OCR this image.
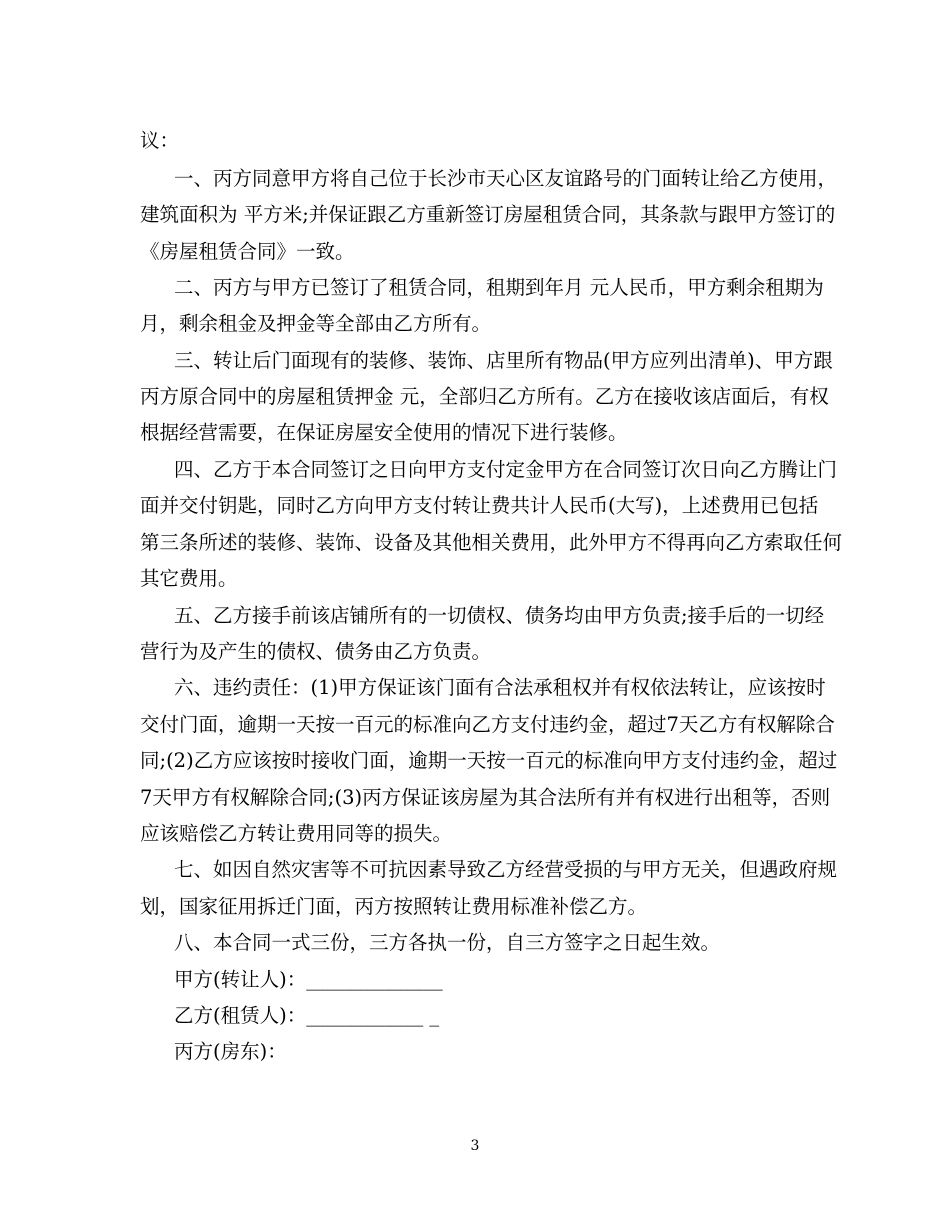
议：
一、丙方同意甲方将自己位于长沙市天心区友谊路号的门面转让给乙方使用，
建筑面积为 平方米;并保证跟乙方重新签订房屋租赁合同，其条款与跟甲方签订的
《房屋租赁合同》一致。
二、丙方与甲方已签订了租赁合同，租期到年月 元人民币，甲方剩余租期为
月，剩余租金及押金等全部由乙方所有。
三、转让后门面现有的装修、装饰、店里所有物品(甲方应列出清单)、甲方跟
丙方原合同中的房屋租赁押金 元，全部归乙方所有。乙方在接收该店面后，有权
根据经营需要，在保证房屋安全使用的情况下进行装修。
四、乙方于本合同签订之日向甲方支付定金甲方在合同签订次日向乙方腾让门
面并交付钥匙，同时乙方向甲方支付转让费共计人民币(大写)，上述费用已包括
第三条所述的装修、装饰、设备及其他相关费用，此外甲方不得再向乙方索取任何
其它费用。
五、乙方接手前该店铺所有的一切债权、债务均由甲方负责;接手后的一切经
营行为及产生的债权、债务由乙方负责。
六、违约责任：(1)甲方保证该门面有合法承租权并有权依法转让，应该按时
交付门面，逾期一天按一百元的标准向乙方支付违约金，超过7天乙方有权解除合
同;(2)乙方应该按时接收门面，逾期一天按一百元的标准向甲方支付违约金，超过
7天甲方有权解除合同;(3)丙方保证该房屋为其合法所有并有权进行出租等，否则
应该赔偿乙方转让费用同等的损失。
七、如因自然灾害等不可抗因素导致乙方经营受损的与甲方无关，但遇政府规
划，国家征用拆迁门面，丙方按照转让费用标准补偿乙方。
八、本合同一式三份，三方各执一份，自三方签字之日起生效。
甲方(转让人)：______________
乙方(租赁人)：____________ _
丙方(房东)：
3
